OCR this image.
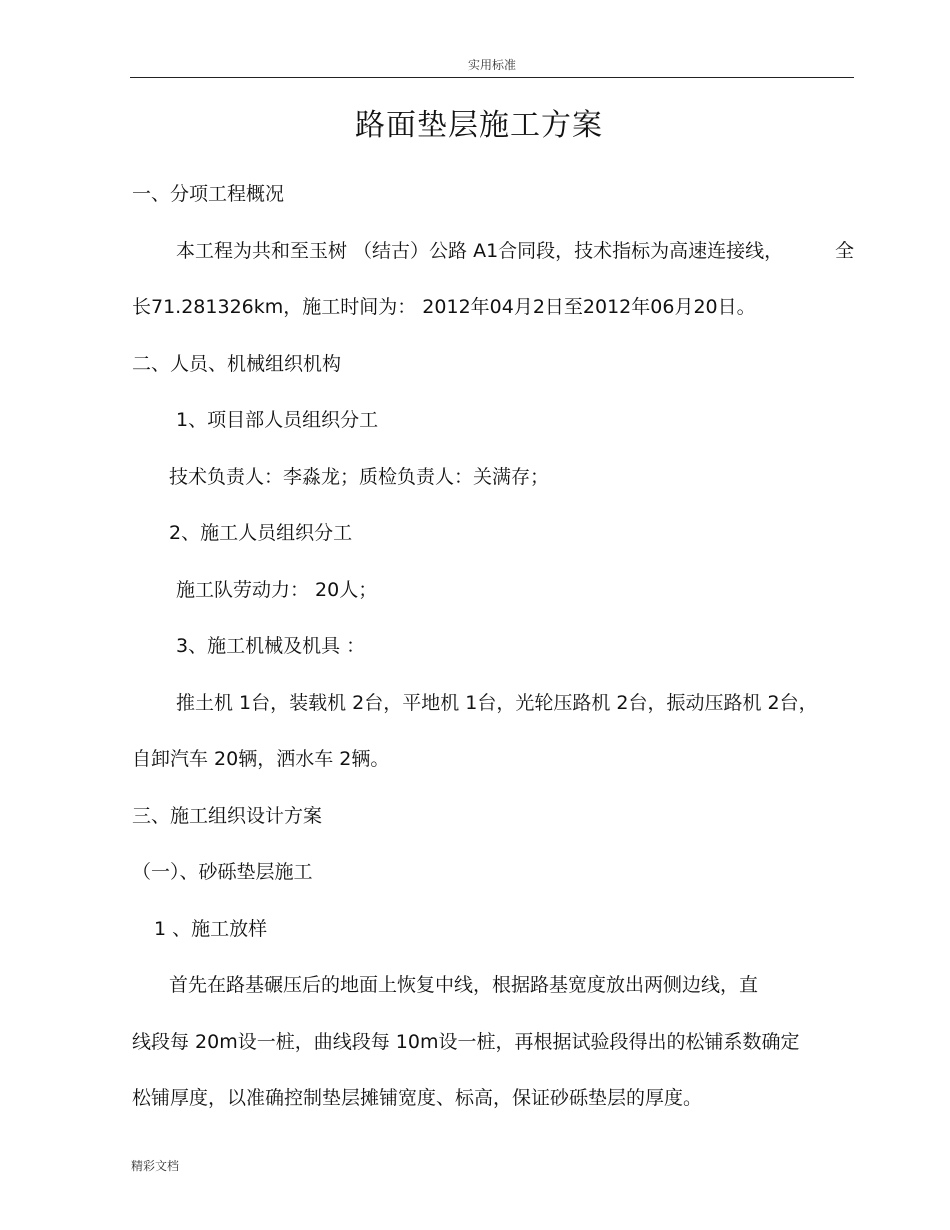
实用标准
路面垫层施工方案
一、分项工程概况
本工程为共和至玉树 （结古）公路 A1合同段，技术指标为高速连接线，	全
长71.281326km，施工时间为： 2012年04月2日至2012年06月20日。
二、人员、机械组织机构
1、项目部人员组织分工
技术负责人：李淼龙；质检负责人：关满存；
2、施工人员组织分工
施工队劳动力： 20人；
3、施工机械及机具 ：
推土机 1台，装载机 2台，平地机 1台，光轮压路机 2台，振动压路机 2台，
自卸汽车 20辆，洒水车 2辆。
三、施工组织设计方案
（一）、砂砾垫层施工
1 、施工放样
首先在路基碾压后的地面上恢复中线，根据路基宽度放出两侧边线，直
线段每 20m设一桩，曲线段每 10m设一桩，再根据试验段得出的松铺系数确定
松铺厚度，以准确控制垫层摊铺宽度、标高，保证砂砾垫层的厚度。
精彩文档
